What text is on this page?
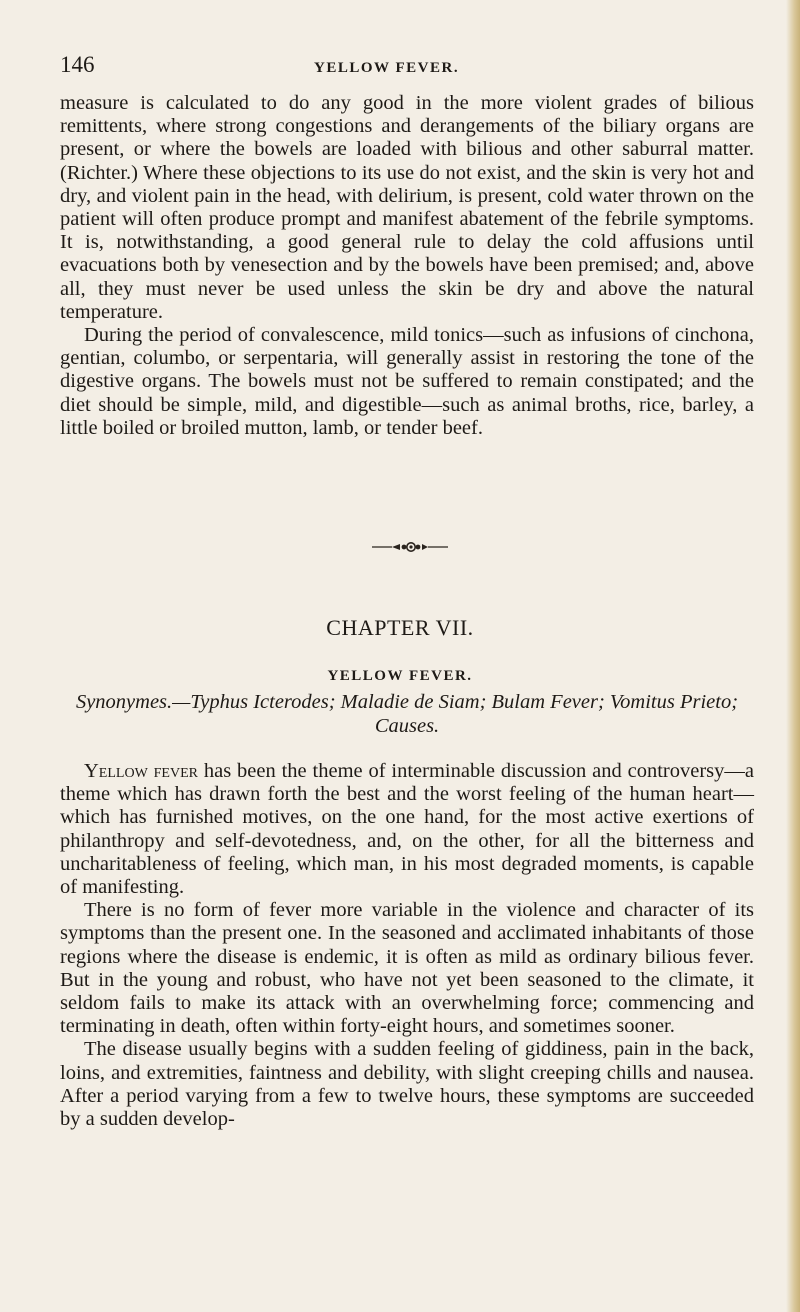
146	YELLOW FEVER.

measure is calculated to do any good in the more violent grades of bilious remittents, where strong congestions and derangements of the biliary organs are present, or where the bowels are loaded with bilious and other saburral matter. (Richter.) Where these objections to its use do not exist, and the skin is very hot and dry, and violent pain in the head, with delirium, is present, cold water thrown on the patient will often produce prompt and manifest abatement of the febrile symptoms. It is, notwithstanding, a good general rule to delay the cold affusions until evacuations both by venesection and by the bowels have been premised; and, above all, they must never be used unless the skin be dry and above the natural temperature.

During the period of convalescence, mild tonics—such as infusions of cinchona, gentian, columbo, or serpentaria, will generally assist in restoring the tone of the digestive organs. The bowels must not be suffered to remain constipated; and the diet should be simple, mild, and digestible—such as animal broths, rice, barley, a little boiled or broiled mutton, lamb, or tender beef.

CHAPTER VII.
YELLOW FEVER.
Synonymes.—Typhus Icterodes; Maladie de Siam; Bulam Fever; Vomitus Prieto; Causes.

Yellow fever has been the theme of interminable discussion and controversy—a theme which has drawn forth the best and the worst feeling of the human heart—which has furnished motives, on the one hand, for the most active exertions of philanthropy and self-devotedness, and, on the other, for all the bitterness and uncharitableness of feeling, which man, in his most degraded moments, is capable of manifesting.

There is no form of fever more variable in the violence and character of its symptoms than the present one. In the seasoned and acclimated inhabitants of those regions where the disease is endemic, it is often as mild as ordinary bilious fever. But in the young and robust, who have not yet been seasoned to the climate, it seldom fails to make its attack with an overwhelming force; commencing and terminating in death, often within forty-eight hours, and sometimes sooner.

The disease usually begins with a sudden feeling of giddiness, pain in the back, loins, and extremities, faintness and debility, with slight creeping chills and nausea. After a period varying from a few to twelve hours, these symptoms are succeeded by a sudden develop-
